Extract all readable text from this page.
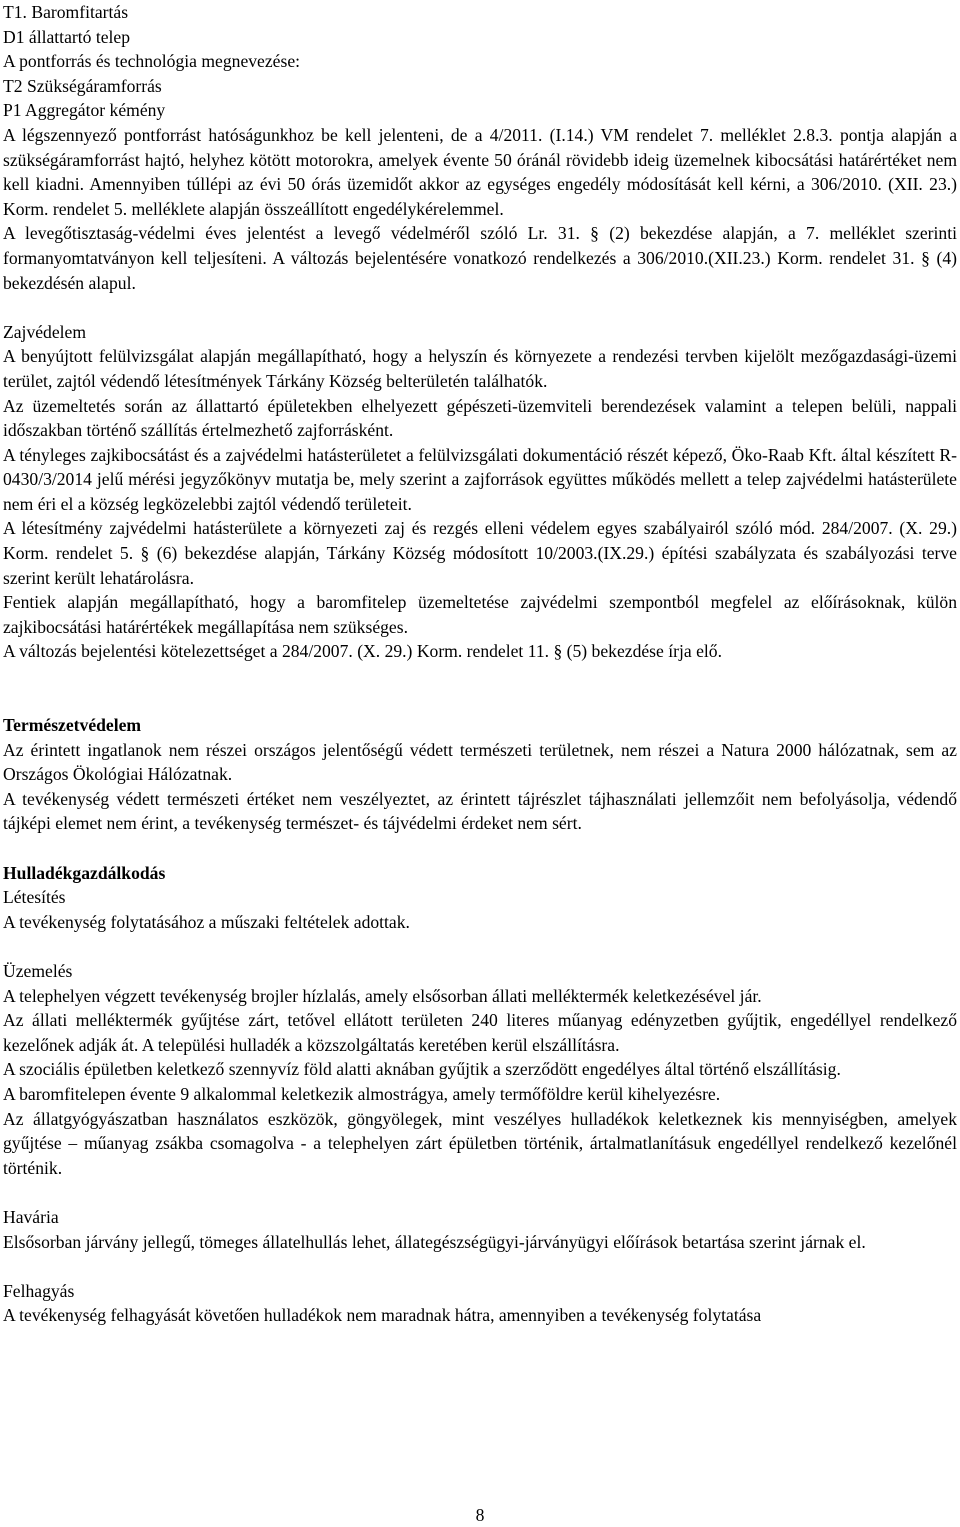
T1. Baromfitartás

D1 állattartó telep

A pontforrás és technológia megnevezése:

T2 Szükségáramforrás

P1 Aggregátor kémény

A légszennyező pontforrást hatóságunkhoz be kell jelenteni, de a 4/2011. (I.14.) VM rendelet 7. melléklet 2.8.3. pontja alapján a szükségáramforrást hajtó, helyhez kötött motorokra, amelyek évente 50 óránál rövidebb ideig üzemelnek kibocsátási határértéket nem kell kiadni. Amennyiben túllépi az évi 50 órás üzemidőt akkor az egységes engedély módosítását kell kérni, a 306/2010. (XII. 23.) Korm. rendelet 5. melléklete alapján összeállított engedélykérelemmel.

A levegőtisztaság-védelmi éves jelentést a levegő védelméről szóló Lr. 31. § (2) bekezdése alapján, a 7. melléklet szerinti formanyomtatványon kell teljesíteni. A változás bejelentésére vonatkozó rendelkezés a 306/2010.(XII.23.) Korm. rendelet 31. § (4) bekezdésén alapul.

Zajvédelem

A benyújtott felülvizsgálat alapján megállapítható, hogy a helyszín és környezete a rendezési tervben kijelölt mezőgazdasági-üzemi terület, zajtól védendő létesítmények Tárkány Község belterületén találhatók.

Az üzemeltetés során az állattartó épületekben elhelyezett gépészeti-üzemviteli berendezések valamint a telepen belüli, nappali időszakban történő szállítás értelmezhető zajforrásként.

A tényleges zajkibocsátást és a zajvédelmi hatásterületet a felülvizsgálati dokumentáció részét képező, Öko-Raab Kft. által készített R-0430/3/2014 jelű mérési jegyzőkönyv mutatja be, mely szerint a zajforrások együttes működés mellett a telep zajvédelmi hatásterülete nem éri el a község legközelebbi zajtól védendő területeit.

A létesítmény zajvédelmi hatásterülete a környezeti zaj és rezgés elleni védelem egyes szabályairól szóló mód. 284/2007. (X. 29.) Korm. rendelet 5. § (6) bekezdése alapján, Tárkány Község módosított 10/2003.(IX.29.) építési szabályzata és szabályozási terve szerint került lehatárolásra.

Fentiek alapján megállapítható, hogy a baromfitelep üzemeltetése zajvédelmi szempontból megfelel az előírásoknak, külön zajkibocsátási határértékek megállapítása nem szükséges.

A változás bejelentési kötelezettséget a 284/2007. (X. 29.) Korm. rendelet 11. § (5) bekezdése írja elő.

Természetvédelem

Az érintett ingatlanok nem részei országos jelentőségű védett természeti területnek, nem részei a Natura 2000 hálózatnak, sem az Országos Ökológiai Hálózatnak.

A tevékenység védett természeti értéket nem veszélyeztet, az érintett tájrészlet tájhasználati jellemzőit nem befolyásolja, védendő tájképi elemet nem érint, a tevékenység természet- és tájvédelmi érdeket nem sért.

Hulladékgazdálkodás
Létesítés

A tevékenység folytatásához a műszaki feltételek adottak.

Üzemelés

A telephelyen végzett tevékenység brojler hízlalás, amely elsősorban állati melléktermék keletkezésével jár.

Az állati melléktermék gyűjtése zárt, tetővel ellátott területen 240 literes műanyag edényzetben gyűjtik, engedéllyel rendelkező kezelőnek adják át. A települési hulladék a közszolgáltatás keretében kerül elszállításra.

A szociális épületben keletkező szennyvíz föld alatti aknában gyűjtik a szerződött engedélyes által történő elszállításig.

A baromfitelepen évente 9 alkalommal keletkezik almostrágya, amely termőföldre kerül kihelyezésre.

Az állatgyógyászatban használatos eszközök, göngyölegek, mint veszélyes hulladékok keletkeznek kis mennyiségben, amelyek gyűjtése – műanyag zsákba csomagolva - a telephelyen zárt épületben történik, ártalmatlanításuk engedéllyel rendelkező kezelőnél történik.

Havária

Elsősorban járvány jellegű, tömeges állatelhullás lehet, állategészségügyi-járványügyi előírások betartása szerint járnak el.

Felhagyás

A tevékenység felhagyását követően hulladékok nem maradnak hátra, amennyiben a tevékenység folytatása

8
